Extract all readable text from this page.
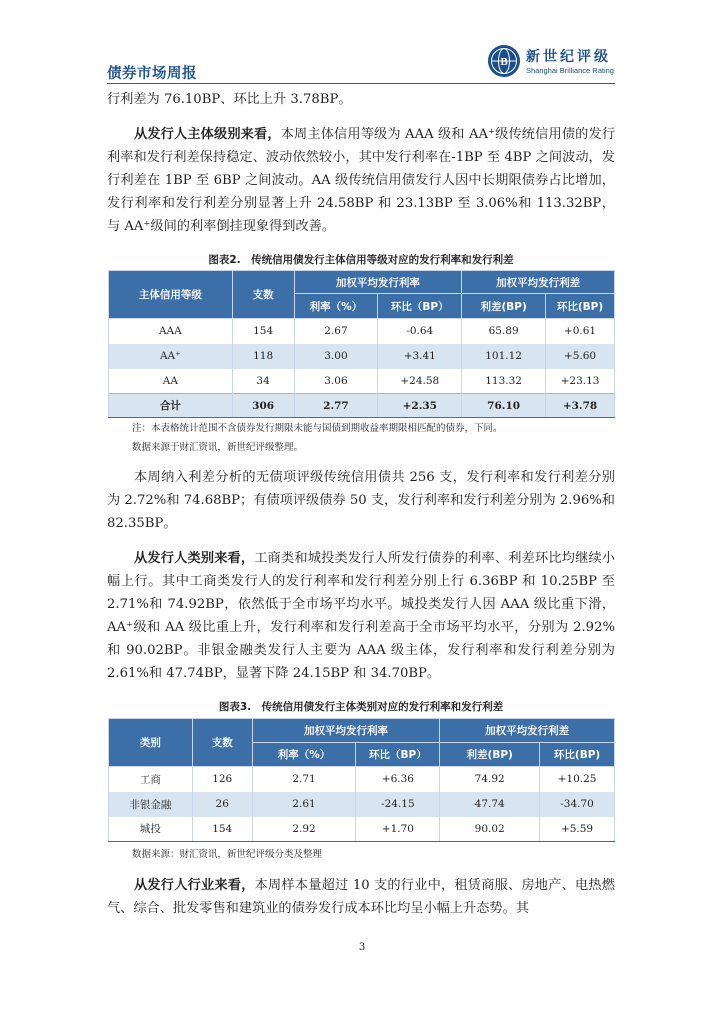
债券市场周报
B 新世纪评级
Shanghai Brilliance Rating

行利差为 76.10BP、环比上升 3.78BP。

从发行人主体级别来看，本周主体信用等级为 AAA 级和 AA⁺级传统信用债的发行利率和发行利差保持稳定、波动依然较小，其中发行利率在-1BP 至 4BP 之间波动，发行利差在 1BP 至 6BP 之间波动。AA 级传统信用债发行人因中长期限债券占比增加，发行利率和发行利差分别显著上升 24.58BP 和 23.13BP 至 3.06%和 113.32BP，与 AA⁺级间的利率倒挂现象得到改善。

图表2.　传统信用债发行主体信用等级对应的发行利率和发行利差
主体信用等级	支数	加权平均发行利率		加权平均发行利差	
		利率（%）	环比（BP）	利差(BP)	环比(BP)
AAA	154	2.67	-0.64	65.89	+0.61
AA⁺	118	3.00	+3.41	101.12	+5.60
AA	34	3.06	+24.58	113.32	+23.13
合计	306	2.77	+2.35	76.10	+3.78
注：本表格统计范围不含债券发行期限未能与国债到期收益率期限相匹配的债券，下同。
数据来源于财汇资讯，新世纪评级整理。

本周纳入利差分析的无债项评级传统信用债共 256 支，发行利率和发行利差分别为 2.72%和 74.68BP；有债项评级债券 50 支，发行利率和发行利差分别为 2.96%和 82.35BP。

从发行人类别来看，工商类和城投类发行人所发行债券的利率、利差环比均继续小幅上行。其中工商类发行人的发行利率和发行利差分别上行 6.36BP 和 10.25BP 至 2.71%和 74.92BP，依然低于全市场平均水平。城投类发行人因 AAA 级比重下滑，AA⁺级和 AA 级比重上升，发行利率和发行利差高于全市场平均水平，分别为 2.92%和 90.02BP。非银金融类发行人主要为 AAA 级主体，发行利率和发行利差分别为 2.61%和 47.74BP，显著下降 24.15BP 和 34.70BP。

图表3.　传统信用债发行主体类别对应的发行利率和发行利差
类别	支数	加权平均发行利率		加权平均发行利差	
		利率（%）	环比（BP）	利差(BP)	环比(BP)
工商	126	2.71	+6.36	74.92	+10.25
非银金融	26	2.61	-24.15	47.74	-34.70
城投	154	2.92	+1.70	90.02	+5.59
数据来源：财汇资讯，新世纪评级分类及整理

从发行人行业来看，本周样本量超过 10 支的行业中，租赁商服、房地产、电热燃气、综合、批发零售和建筑业的债券发行成本环比均呈小幅上升态势。其

3
